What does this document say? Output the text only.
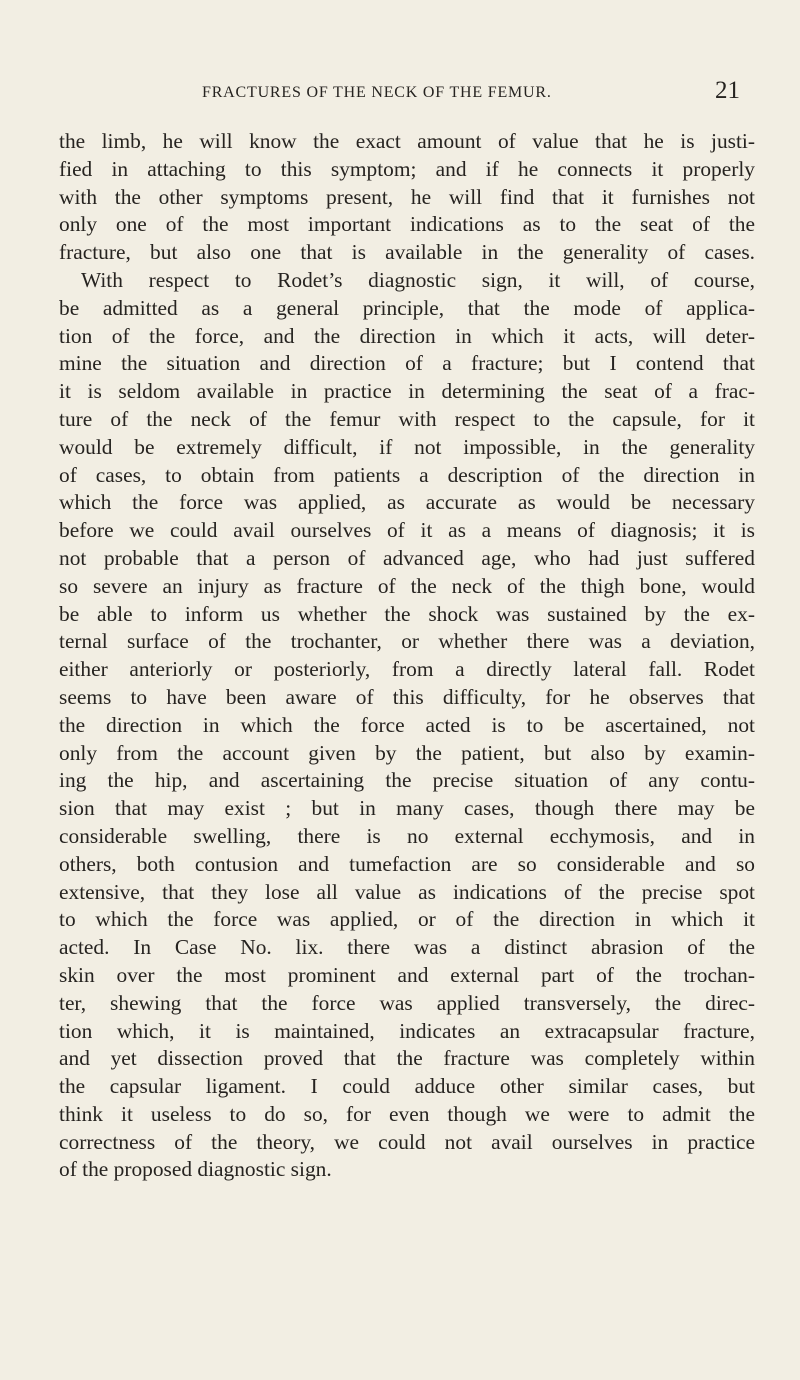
FRACTURES OF THE NECK OF THE FEMUR.	21
the limb, he will know the exact amount of value that he is justi-
fied in attaching to this symptom; and if he connects it properly
with the other symptoms present, he will find that it furnishes not
only one of the most important indications as to the seat of the
fracture, but also one that is available in the generality of cases.
With respect to Rodet’s diagnostic sign, it will, of course,
be admitted as a general principle, that the mode of applica-
tion of the force, and the direction in which it acts, will deter-
mine the situation and direction of a fracture; but I contend that
it is seldom available in practice in determining the seat of a frac-
ture of the neck of the femur with respect to the capsule, for it
would be extremely difficult, if not impossible, in the generality
of cases, to obtain from patients a description of the direction in
which the force was applied, as accurate as would be necessary
before we could avail ourselves of it as a means of diagnosis; it is
not probable that a person of advanced age, who had just suffered
so severe an injury as fracture of the neck of the thigh bone, would
be able to inform us whether the shock was sustained by the ex-
ternal surface of the trochanter, or whether there was a deviation,
either anteriorly or posteriorly, from a directly lateral fall. Rodet
seems to have been aware of this difficulty, for he observes that
the direction in which the force acted is to be ascertained, not
only from the account given by the patient, but also by examin-
ing the hip, and ascertaining the precise situation of any contu-
sion that may exist ; but in many cases, though there may be
considerable swelling, there is no external ecchymosis, and in
others, both contusion and tumefaction are so considerable and so
extensive, that they lose all value as indications of the precise spot
to which the force was applied, or of the direction in which it
acted. In Case No. lix. there was a distinct abrasion of the
skin over the most prominent and external part of the trochan-
ter, shewing that the force was applied transversely, the direc-
tion which, it is maintained, indicates an extracapsular fracture,
and yet dissection proved that the fracture was completely within
the capsular ligament. I could adduce other similar cases, but
think it useless to do so, for even though we were to admit the
correctness of the theory, we could not avail ourselves in practice
of the proposed diagnostic sign.
